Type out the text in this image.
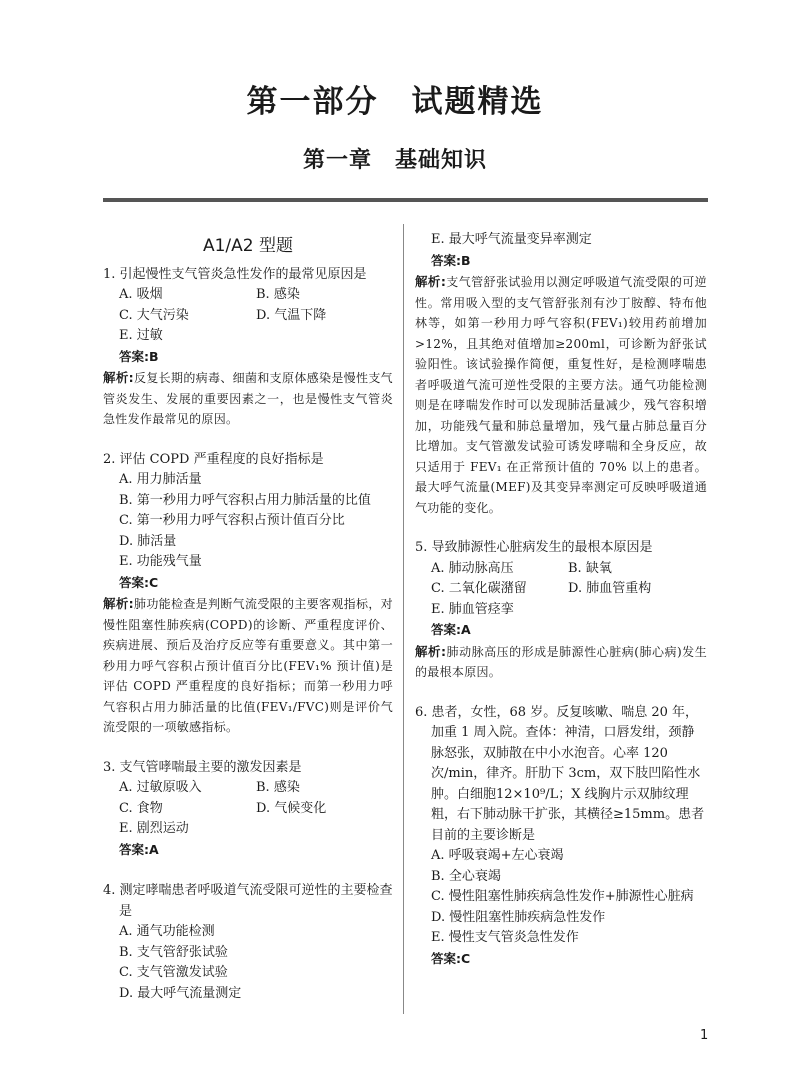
第一部分　试题精选
第一章　基础知识
A1/A2 型题
1. 引起慢性支气管炎急性发作的最常见原因是
A. 吸烟	B. 感染
C. 大气污染	D. 气温下降
E. 过敏
答案:B
解析:反复长期的病毒、细菌和支原体感染是慢性支气管炎发生、发展的重要因素之一，也是慢性支气管炎急性发作最常见的原因。
2. 评估 COPD 严重程度的良好指标是
A. 用力肺活量
B. 第一秒用力呼气容积占用力肺活量的比值
C. 第一秒用力呼气容积占预计值百分比
D. 肺活量
E. 功能残气量
答案:C
解析:肺功能检查是判断气流受限的主要客观指标，对慢性阻塞性肺疾病(COPD)的诊断、严重程度评价、疾病进展、预后及治疗反应等有重要意义。其中第一秒用力呼气容积占预计值百分比(FEV₁% 预计值)是评估 COPD 严重程度的良好指标；而第一秒用力呼气容积占用力肺活量的比值(FEV₁/FVC)则是评价气流受限的一项敏感指标。
3. 支气管哮喘最主要的激发因素是
A. 过敏原吸入	B. 感染
C. 食物	D. 气候变化
E. 剧烈运动
答案:A
4. 测定哮喘患者呼吸道气流受限可逆性的主要检查是
A. 通气功能检测
B. 支气管舒张试验
C. 支气管激发试验
D. 最大呼气流量测定
E. 最大呼气流量变异率测定
答案:B
解析:支气管舒张试验用以测定呼吸道气流受限的可逆性。常用吸入型的支气管舒张剂有沙丁胺醇、特布他林等，如第一秒用力呼气容积(FEV₁)较用药前增加>12%，且其绝对值增加≥200ml，可诊断为舒张试验阳性。该试验操作简便，重复性好，是检测哮喘患者呼吸道气流可逆性受限的主要方法。通气功能检测则是在哮喘发作时可以发现肺活量减少，残气容积增加，功能残气量和肺总量增加，残气量占肺总量百分比增加。支气管激发试验可诱发哮喘和全身反应，故只适用于 FEV₁ 在正常预计值的 70% 以上的患者。最大呼气流量(MEF)及其变异率测定可反映呼吸道通气功能的变化。
5. 导致肺源性心脏病发生的最根本原因是
A. 肺动脉高压	B. 缺氧
C. 二氧化碳潴留	D. 肺血管重构
E. 肺血管痉挛
答案:A
解析:肺动脉高压的形成是肺源性心脏病(肺心病)发生的最根本原因。
6. 患者，女性，68 岁。反复咳嗽、喘息 20 年，加重 1 周入院。查体：神清，口唇发绀，颈静脉怒张，双肺散在中小水泡音。心率 120 次/min，律齐。肝肋下 3cm，双下肢凹陷性水肿。白细胞12×10⁹/L；X 线胸片示双肺纹理粗，右下肺动脉干扩张，其横径≥15mm。患者目前的主要诊断是
A. 呼吸衰竭+左心衰竭
B. 全心衰竭
C. 慢性阻塞性肺疾病急性发作+肺源性心脏病
D. 慢性阻塞性肺疾病急性发作
E. 慢性支气管炎急性发作
答案:C
1
